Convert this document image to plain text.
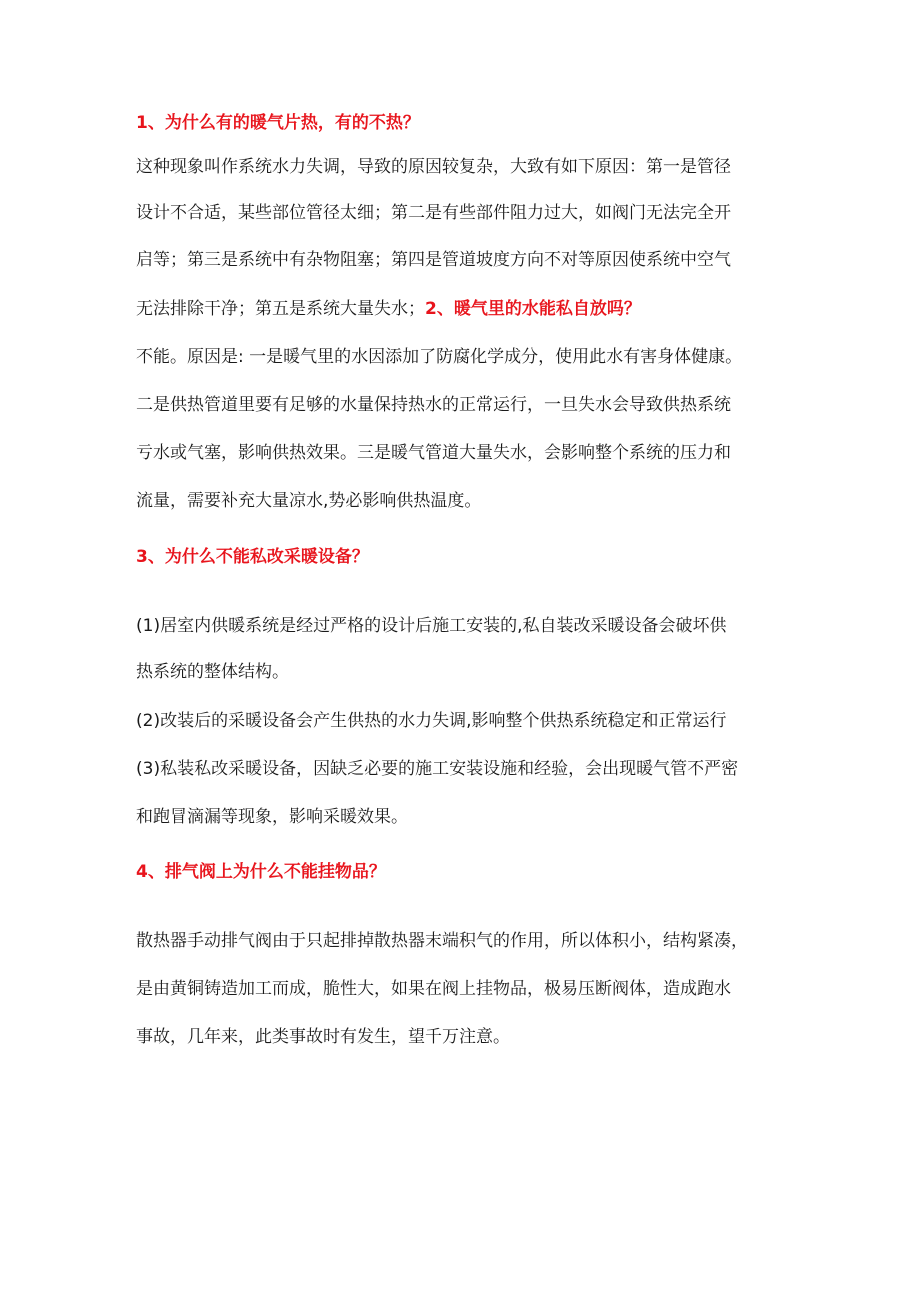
1、为什么有的暖气片热，有的不热？
这种现象叫作系统水力失调，导致的原因较复杂，大致有如下原因：第一是管径
设计不合适，某些部位管径太细；第二是有些部件阻力过大，如阀门无法完全开
启等；第三是系统中有杂物阻塞；第四是管道坡度方向不对等原因使系统中空气
无法排除干净；第五是系统大量失水；2、暖气里的水能私自放吗？
不能。原因是: 一是暖气里的水因添加了防腐化学成分，使用此水有害身体健康。
二是供热管道里要有足够的水量保持热水的正常运行，一旦失水会导致供热系统
亏水或气塞，影响供热效果。三是暖气管道大量失水，会影响整个系统的压力和
流量，需要补充大量凉水,势必影响供热温度。
3、为什么不能私改采暖设备？
(1)居室内供暖系统是经过严格的设计后施工安装的,私自装改采暖设备会破坏供
热系统的整体结构。
(2)改装后的采暖设备会产生供热的水力失调,影响整个供热系统稳定和正常运行
(3)私装私改采暖设备，因缺乏必要的施工安装设施和经验，会出现暖气管不严密
和跑冒滴漏等现象，影响采暖效果。
4、排气阀上为什么不能挂物品？
散热器手动排气阀由于只起排掉散热器末端积气的作用，所以体积小，结构紧凑，
是由黄铜铸造加工而成，脆性大，如果在阀上挂物品，极易压断阀体，造成跑水
事故，几年来，此类事故时有发生，望千万注意。
